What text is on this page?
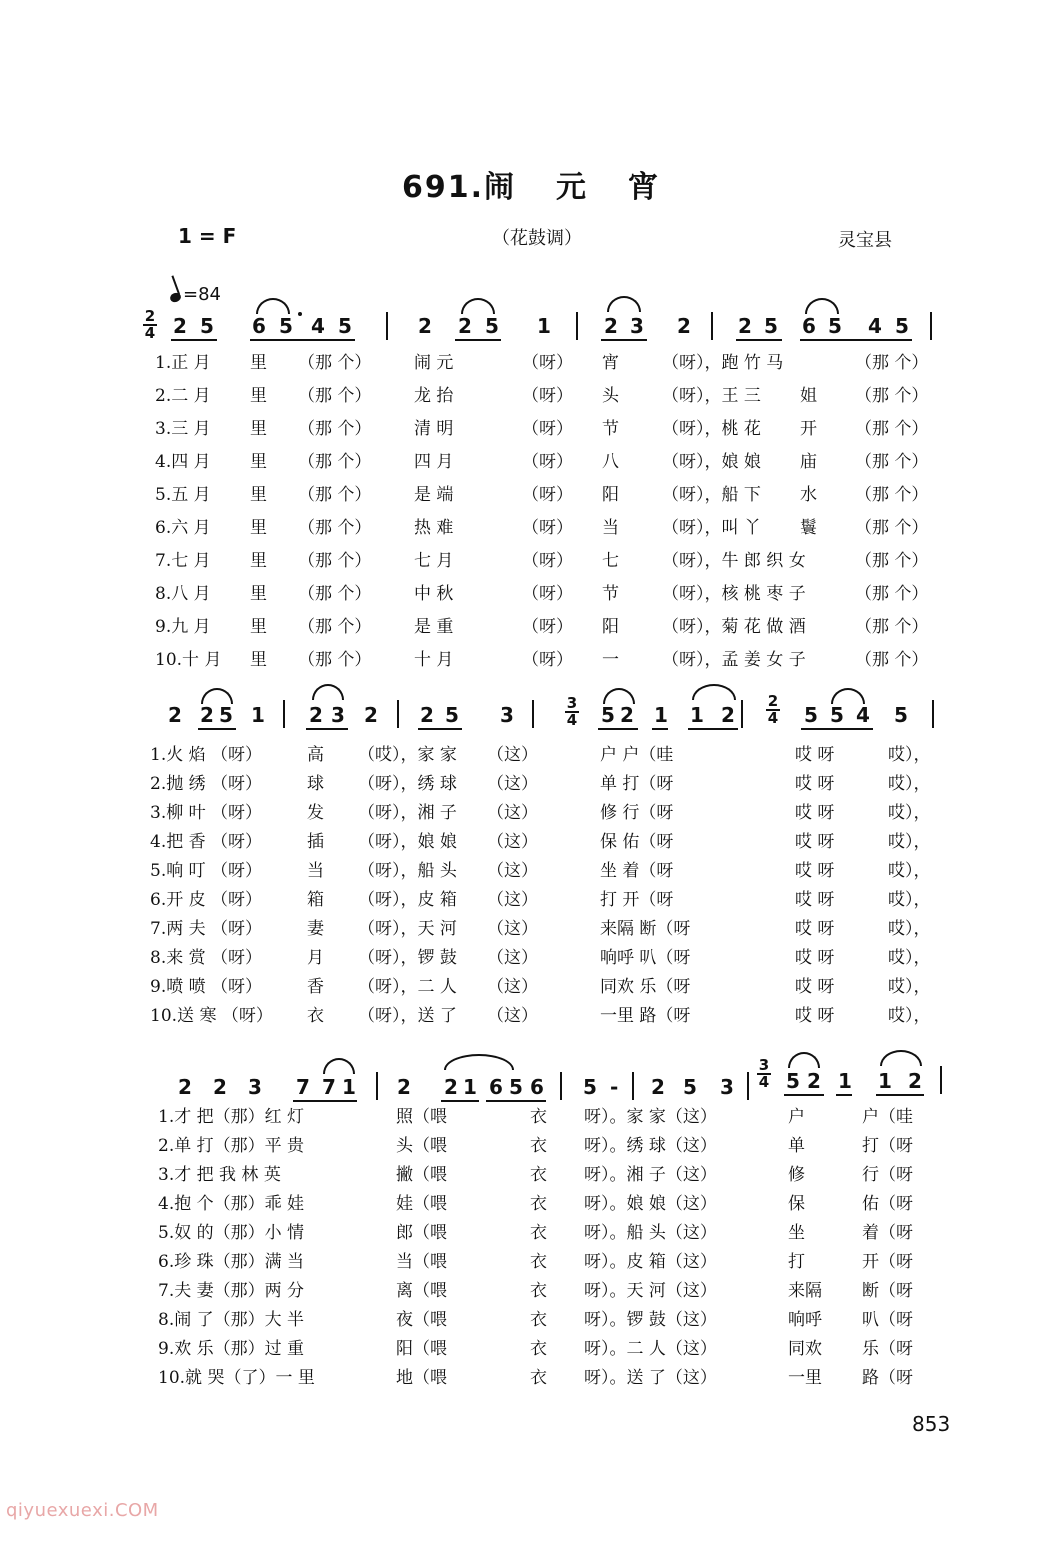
691.闹 元 宵
1 = F	（花鼓调）	灵宝县
=84
2
4 2 5 6 5 4 5	2 2 5 1	2 3 2 2 5 6 5 4 5
1.正 月 里 （那 个）	闹 元	（呀） 宵	（呀），跑 竹 马	（那 个）
2.二 月 里 （那 个）	龙 抬	（呀） 头	（呀），王 三 姐 （那 个）
3.三 月 里 （那 个）	清 明	（呀） 节	（呀），桃 花 开 （那 个）
4.四 月 里 （那 个）	四 月	（呀） 八	（呀），娘 娘 庙 （那 个）
5.五 月 里 （那 个）	是 端	（呀） 阳	（呀），船 下 水 （那 个）
6.六 月 里 （那 个）	热 难	（呀） 当	（呀），叫 丫 鬟 （那 个）
7.七 月 里 （那 个）	七 月	（呀） 七	（呀），牛 郎 织 女	（那 个）
8.八 月 里 （那 个）	中 秋	（呀） 节	（呀），核 桃 枣 子	（那 个）
9.九 月 里 （那 个）	是 重	（呀） 阳	（呀），菊 花 做 酒	（那 个）
10.十 月 里 （那 个）	十 月	（呀） 一	（呀），孟 姜 女 子	（那 个）
2 2 5 1 2 3 2 2 5 3	3
4 5 2 1 1 2
2
4 5 5 4 5
1.火 焰 （呀）	高 （哎），家 家 （这）	户 户（哇	哎 呀	哎），
2.抛 绣 （呀）	球 （呀），绣 球 （这）	单 打（呀	哎 呀	哎），
3.柳 叶 （呀）	发 （呀），湘 子 （这）	修 行（呀	哎 呀	哎），
4.把 香 （呀）	插 （呀），娘 娘 （这）	保 佑（呀	哎 呀	哎），
5.响 叮 （呀）	当 （呀），船 头 （这）	坐 着（呀	哎 呀	哎），
6.开 皮 （呀）	箱 （呀），皮 箱 （这）	打 开（呀	哎 呀	哎），
7.两 夫 （呀）	妻 （呀），天 河 （这）	来隔 断（呀	哎 呀	哎），
8.来 赏 （呀）	月 （呀），锣 鼓 （这）	响呼 叭（呀	哎 呀	哎），
9.喷 喷 （呀）	香 （呀），二 人 （这）	同欢 乐（呀	哎 呀	哎），
10.送 寒 （呀） 衣 （呀），送 了 （这）	一里 路（呀	哎 呀	哎），
2 2 3 7 7 1 2 2 1 6 5 6 5 - 2 5 3
3
4 5 2 1 1 2
1.才 把（那）红 灯	照（喂	衣 呀）。家 家（这）	户	户（哇
2.单 打（那）平 贵	头（喂	衣 呀）。绣 球（这）	单	打（呀
3.才 把 我 林 英	撇（喂	衣 呀）。湘 子（这）	修	行（呀
4.抱 个（那）乖 娃	娃（喂	衣 呀）。娘 娘（这）	保	佑（呀
5.奴 的（那）小 情	郎（喂	衣 呀）。船 头（这）	坐	着（呀
6.珍 珠（那）满 当	当（喂	衣 呀）。皮 箱（这）	打	开（呀
7.夫 妻（那）两 分	离（喂	衣 呀）。天 河（这）	来隔 断（呀
8.闹 了（那）大 半	夜（喂	衣 呀）。锣 鼓（这）	响呼 叭（呀
9.欢 乐（那）过 重	阳（喂	衣 呀）。二 人（这）	同欢 乐（呀
10.就 哭（了）一 里	地（喂	衣 呀）。送 了（这）	一里 路（呀
853
qiyuexuexi.COM
